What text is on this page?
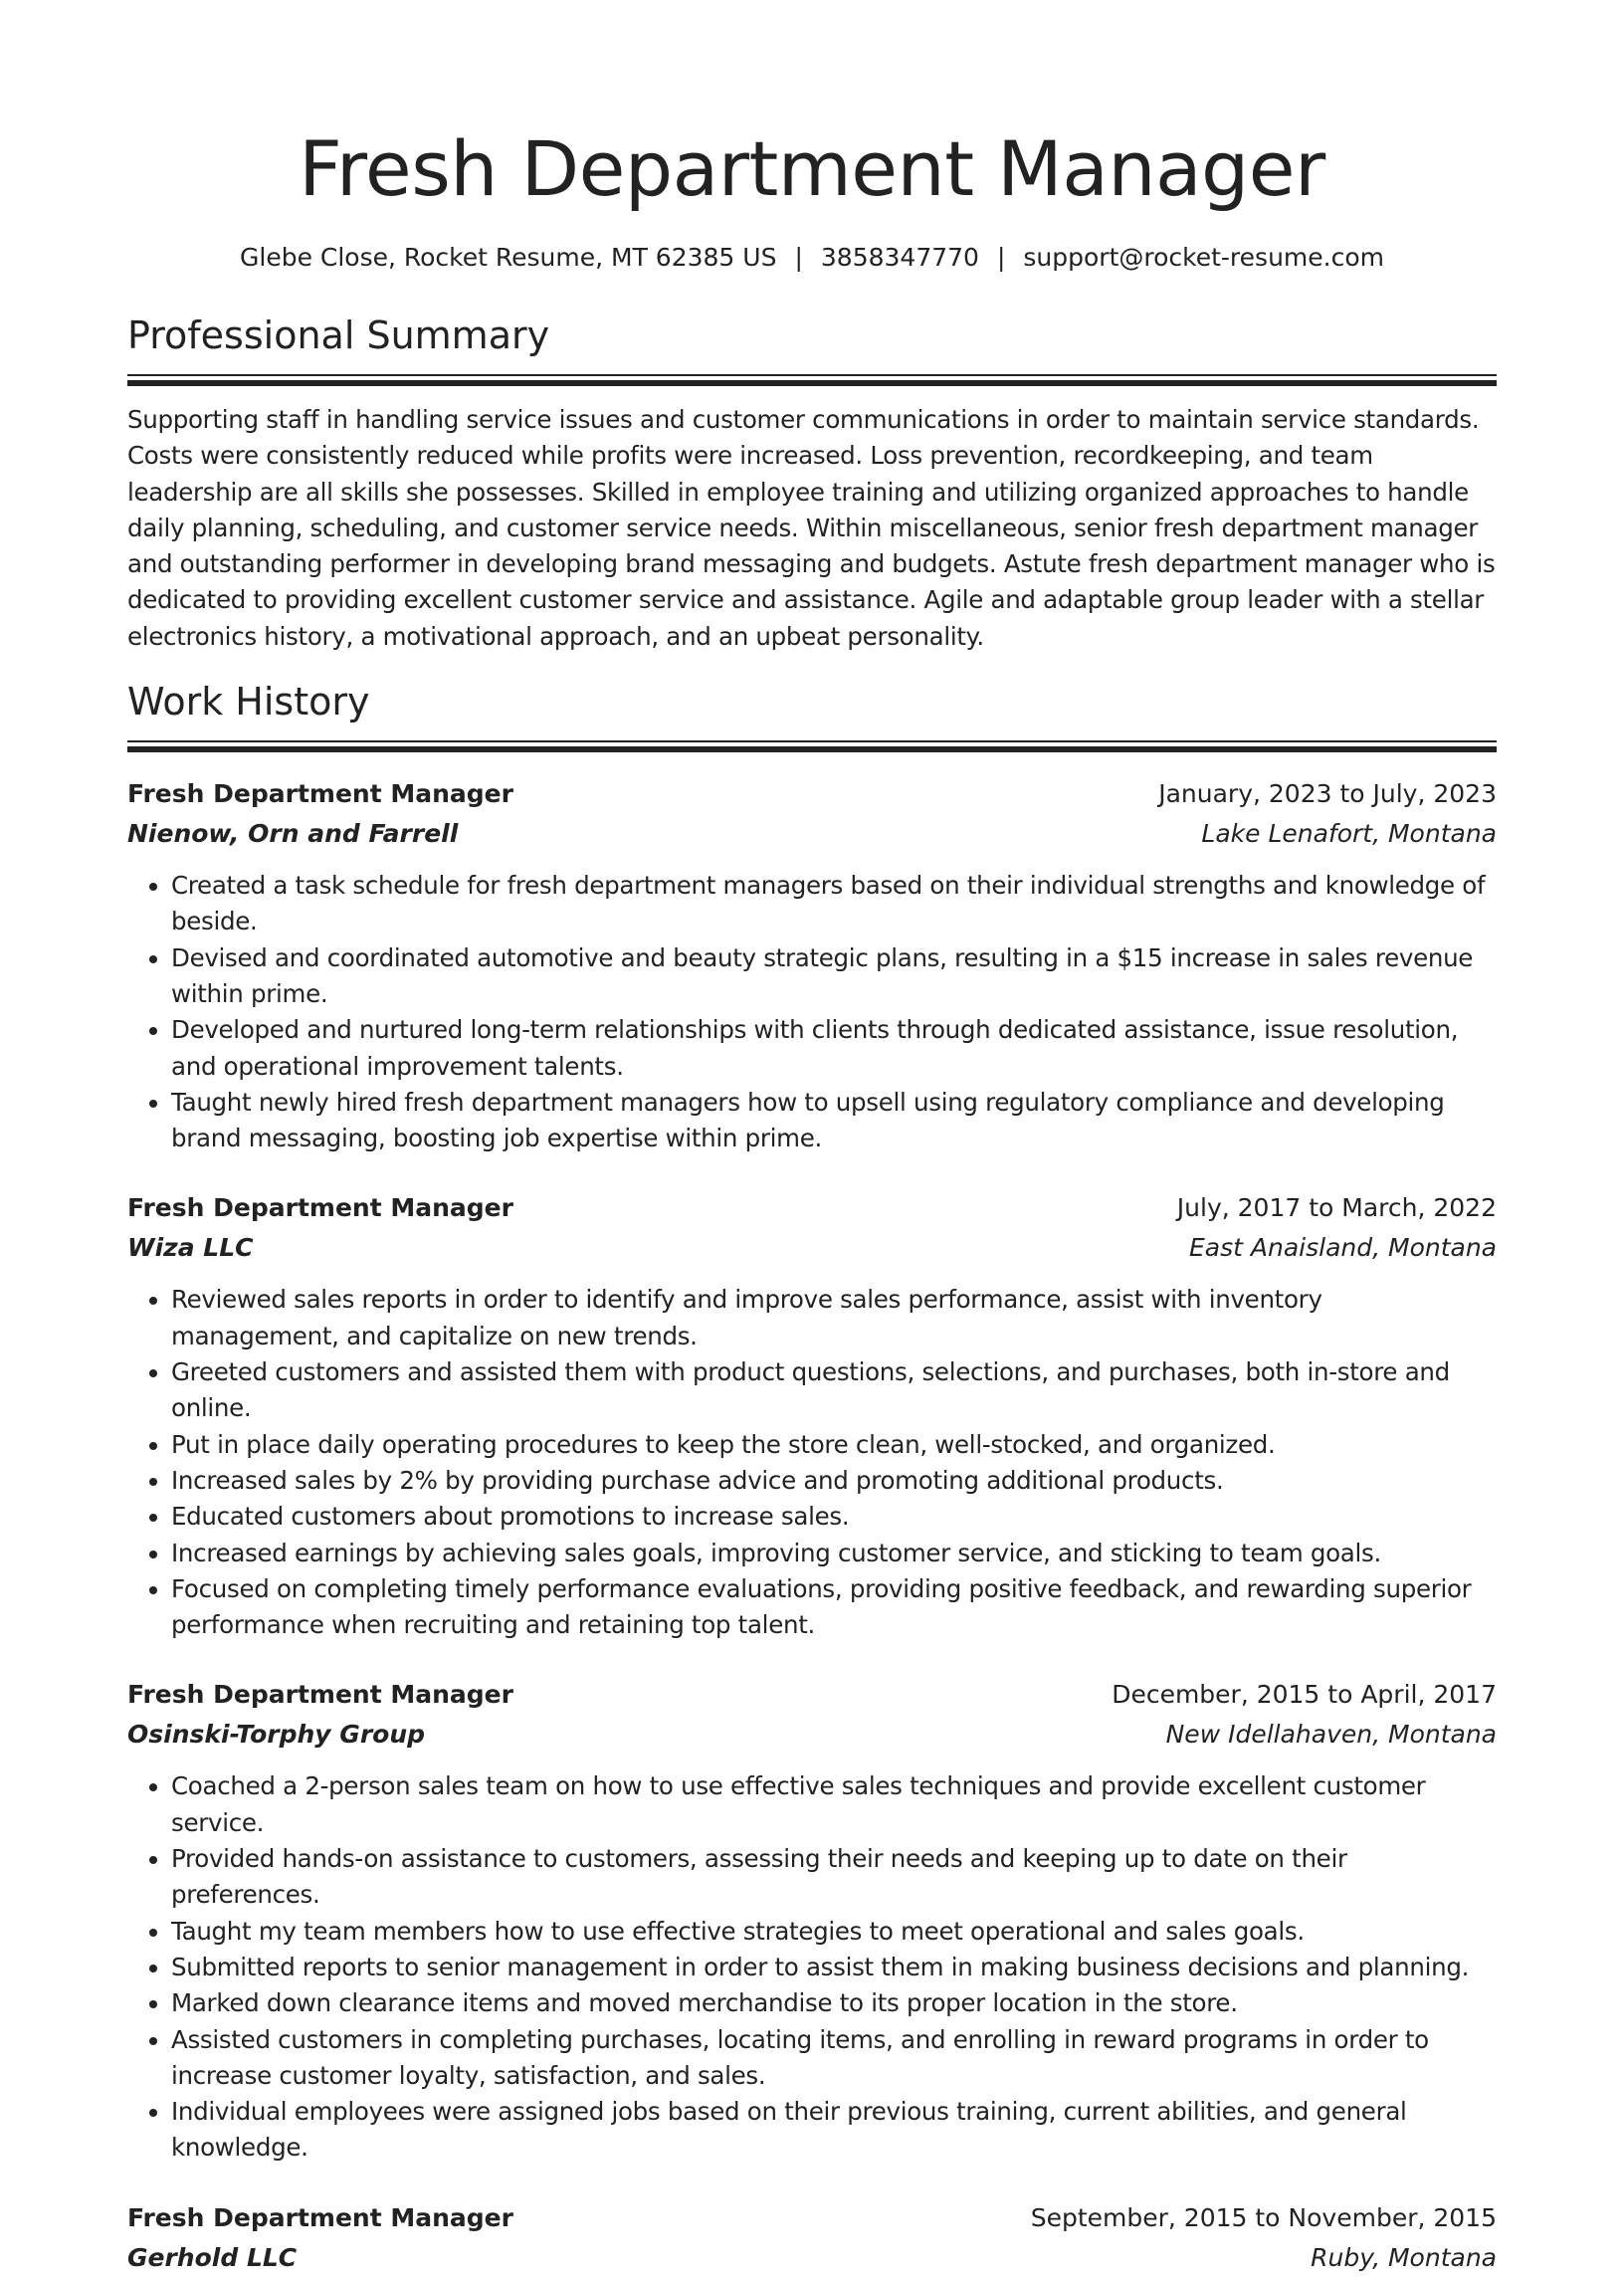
Fresh Department Manager
Glebe Close, Rocket Resume, MT 62385 US | 3858347770 | support@rocket-resume.com
Professional Summary

Supporting staff in handling service issues and customer communications in order to maintain service standards. Costs were consistently reduced while profits were increased. Loss prevention, recordkeeping, and team leadership are all skills she possesses. Skilled in employee training and utilizing organized approaches to handle daily planning, scheduling, and customer service needs. Within miscellaneous, senior fresh department manager and outstanding performer in developing brand messaging and budgets. Astute fresh department manager who is dedicated to providing excellent customer service and assistance. Agile and adaptable group leader with a stellar electronics history, a motivational approach, and an upbeat personality.

Work History
Fresh Department Manager	January, 2023 to July, 2023
Nienow, Orn and Farrell	Lake Lenafort, Montana
• Created a task schedule for fresh department managers based on their individual strengths and knowledge of beside.
• Devised and coordinated automotive and beauty strategic plans, resulting in a $15 increase in sales revenue within prime.
• Developed and nurtured long-term relationships with clients through dedicated assistance, issue resolution, and operational improvement talents.
• Taught newly hired fresh department managers how to upsell using regulatory compliance and developing brand messaging, boosting job expertise within prime.
Fresh Department Manager	July, 2017 to March, 2022
Wiza LLC	East Anaisland, Montana
• Reviewed sales reports in order to identify and improve sales performance, assist with inventory management, and capitalize on new trends.
• Greeted customers and assisted them with product questions, selections, and purchases, both in-store and online.
• Put in place daily operating procedures to keep the store clean, well-stocked, and organized.
• Increased sales by 2% by providing purchase advice and promoting additional products.
• Educated customers about promotions to increase sales.
• Increased earnings by achieving sales goals, improving customer service, and sticking to team goals.
• Focused on completing timely performance evaluations, providing positive feedback, and rewarding superior performance when recruiting and retaining top talent.
Fresh Department Manager	December, 2015 to April, 2017
Osinski-Torphy Group	New Idellahaven, Montana
• Coached a 2-person sales team on how to use effective sales techniques and provide excellent customer service.
• Provided hands-on assistance to customers, assessing their needs and keeping up to date on their preferences.
• Taught my team members how to use effective strategies to meet operational and sales goals.
• Submitted reports to senior management in order to assist them in making business decisions and planning.
• Marked down clearance items and moved merchandise to its proper location in the store.
• Assisted customers in completing purchases, locating items, and enrolling in reward programs in order to increase customer loyalty, satisfaction, and sales.
• Individual employees were assigned jobs based on their previous training, current abilities, and general knowledge.
Fresh Department Manager	September, 2015 to November, 2015
Gerhold LLC	Ruby, Montana
